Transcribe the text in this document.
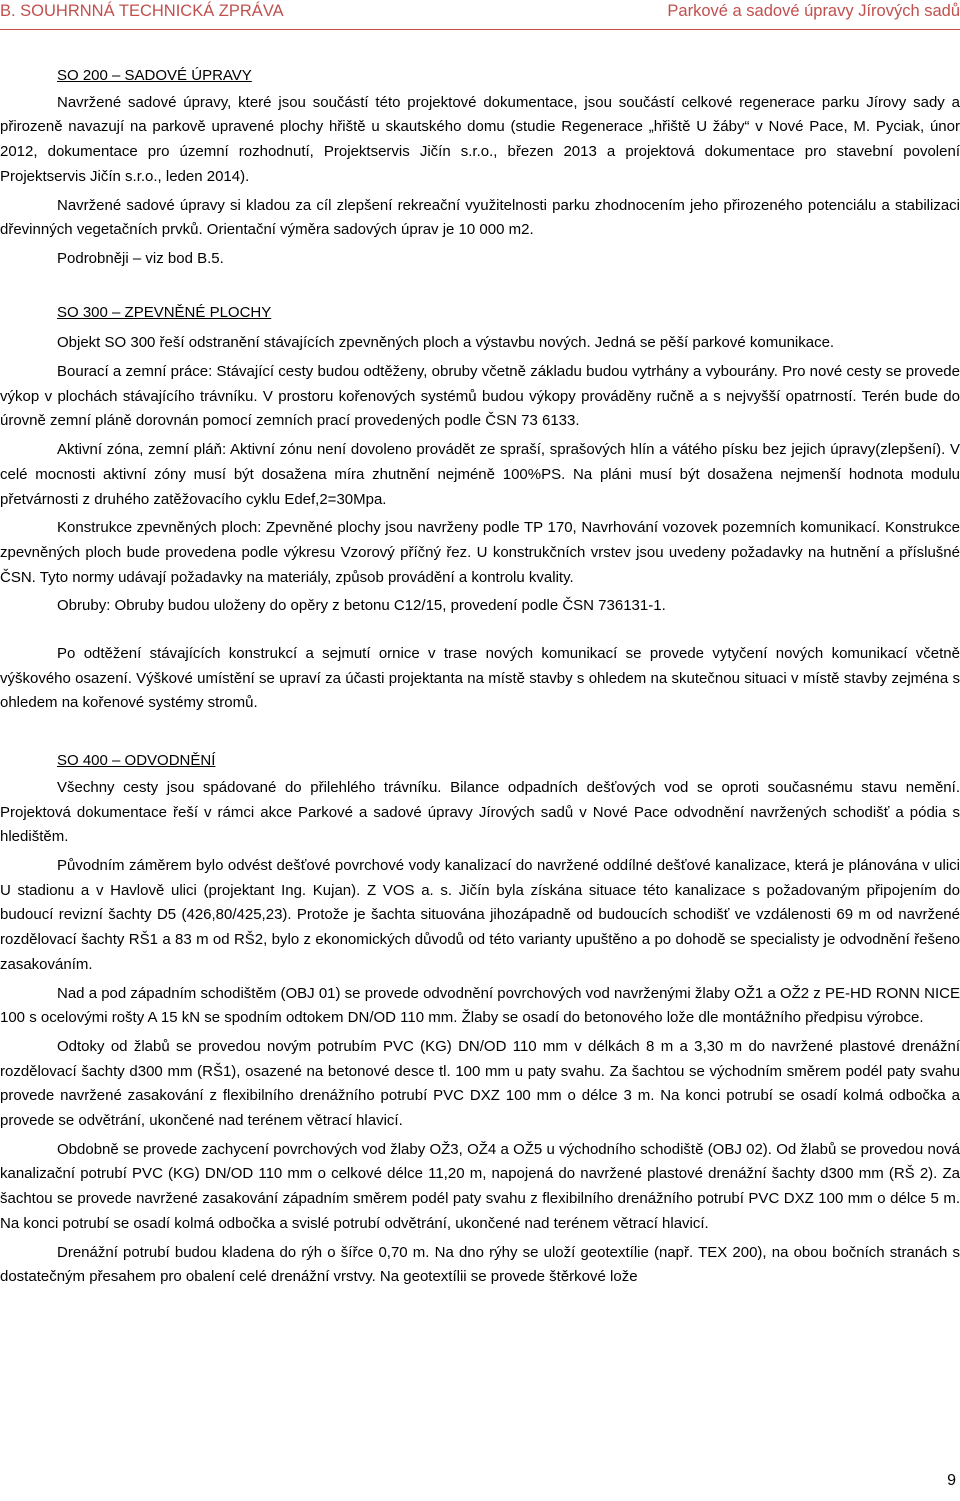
B. SOUHRNNÁ TECHNICKÁ ZPRÁVA	Parkové a sadové úpravy Jírových sadů
SO 200 – SADOVÉ ÚPRAVY

Navržené sadové úpravy, které jsou součástí této projektové dokumentace, jsou součástí celkové regenerace parku Jírovy sady a přirozeně navazují na parkově upravené plochy hřiště u skautského domu (studie Regenerace „hřiště U žáby“ v Nové Pace, M. Pyciak, únor 2012, dokumentace pro územní rozhodnutí, Projektservis Jičín s.r.o., březen 2013 a projektová dokumentace pro stavební povolení Projektservis Jičín s.r.o., leden 2014).

Navržené sadové úpravy si kladou za cíl zlepšení rekreační využitelnosti parku zhodnocením jeho přirozeného potenciálu a stabilizaci dřevinných vegetačních prvků. Orientační výměra sadových úprav je 10 000 m2.

Podrobněji – viz bod B.5.

SO 300 – ZPEVNĚNÉ PLOCHY

Objekt SO 300 řeší odstranění stávajících zpevněných ploch a výstavbu nových. Jedná se pěší parkové komunikace.

Bourací a zemní práce: Stávající cesty budou odtěženy, obruby včetně základu budou vytrhány a vybourány. Pro nové cesty se provede výkop v plochách stávajícího trávníku. V prostoru kořenových systémů budou výkopy prováděny ručně a s nejvyšší opatrností. Terén bude do úrovně zemní pláně dorovnán pomocí zemních prací provedených podle ČSN 73 6133.

Aktivní zóna, zemní pláň: Aktivní zónu není dovoleno provádět ze spraší, sprašových hlín a vátého písku bez jejich úpravy(zlepšení). V celé mocnosti aktivní zóny musí být dosažena míra zhutnění nejméně 100%PS. Na pláni musí být dosažena nejmenší hodnota modulu přetvárnosti z druhého zatěžovacího cyklu Edef,2=30Mpa.

Konstrukce zpevněných ploch: Zpevněné plochy jsou navrženy podle TP 170, Navrhování vozovek pozemních komunikací. Konstrukce zpevněných ploch bude provedena podle výkresu Vzorový příčný řez. U konstrukčních vrstev jsou uvedeny požadavky na hutnění a příslušné ČSN. Tyto normy udávají požadavky na materiály, způsob provádění a kontrolu kvality.

Obruby: Obruby budou uloženy do opěry z betonu C12/15, provedení podle ČSN 736131-1.

Po odtěžení stávajících konstrukcí a sejmutí ornice v trase nových komunikací se provede vytyčení nových komunikací včetně výškového osazení. Výškové umístění se upraví za účasti projektanta na místě stavby s ohledem na skutečnou situaci v místě stavby zejména s ohledem na kořenové systémy stromů.

SO 400 – ODVODNĚNÍ

Všechny cesty jsou spádované do přilehlého trávníku. Bilance odpadních dešťových vod se oproti současnému stavu nemění. Projektová dokumentace řeší v rámci akce Parkové a sadové úpravy Jírových sadů v Nové Pace odvodnění navržených schodišť a pódia s hledištěm.

Původním záměrem bylo odvést dešťové povrchové vody kanalizací do navržené oddílné dešťové kanalizace, která je plánována v ulici U stadionu a v Havlově ulici (projektant Ing. Kujan). Z VOS a. s. Jičín byla získána situace této kanalizace s požadovaným připojením do budoucí revizní šachty D5 (426,80/425,23). Protože je šachta situována jihozápadně od budoucích schodišť ve vzdálenosti 69 m od navržené rozdělovací šachty RŠ1 a 83 m od RŠ2, bylo z ekonomických důvodů od této varianty upuštěno a po dohodě se specialisty je odvodnění řešeno zasakováním.

Nad a pod západním schodištěm (OBJ 01) se provede odvodnění povrchových vod navrženými žlaby OŽ1 a OŽ2 z PE-HD RONN NICE 100 s ocelovými rošty A 15 kN se spodním odtokem DN/OD 110 mm. Žlaby se osadí do betonového lože dle montážního předpisu výrobce.

Odtoky od žlabů se provedou novým potrubím PVC (KG) DN/OD 110 mm v délkách 8 m a 3,30 m do navržené plastové drenážní rozdělovací šachty d300 mm (RŠ1), osazené na betonové desce tl. 100 mm u paty svahu. Za šachtou se východním směrem podél paty svahu provede navržené zasakování z flexibilního drenážního potrubí PVC DXZ 100 mm o délce 3 m. Na konci potrubí se osadí kolmá odbočka a provede se odvětrání, ukončené nad terénem větrací hlavicí.

Obdobně se provede zachycení povrchových vod žlaby OŽ3, OŽ4 a OŽ5 u východního schodiště (OBJ 02). Od žlabů se provedou nová kanalizační potrubí PVC (KG) DN/OD 110 mm o celkové délce 11,20 m, napojená do navržené plastové drenážní šachty d300 mm (RŠ 2). Za šachtou se provede navržené zasakování západním směrem podél paty svahu z flexibilního drenážního potrubí PVC DXZ 100 mm o délce 5 m. Na konci potrubí se osadí kolmá odbočka a svislé potrubí odvětrání, ukončené nad terénem větrací hlavicí.

Drenážní potrubí budou kladena do rýh o šířce 0,70 m. Na dno rýhy se uloží geotextílie (např. TEX 200), na obou bočních stranách s dostatečným přesahem pro obalení celé drenážní vrstvy. Na geotextílii se provede štěrkové lože

9
